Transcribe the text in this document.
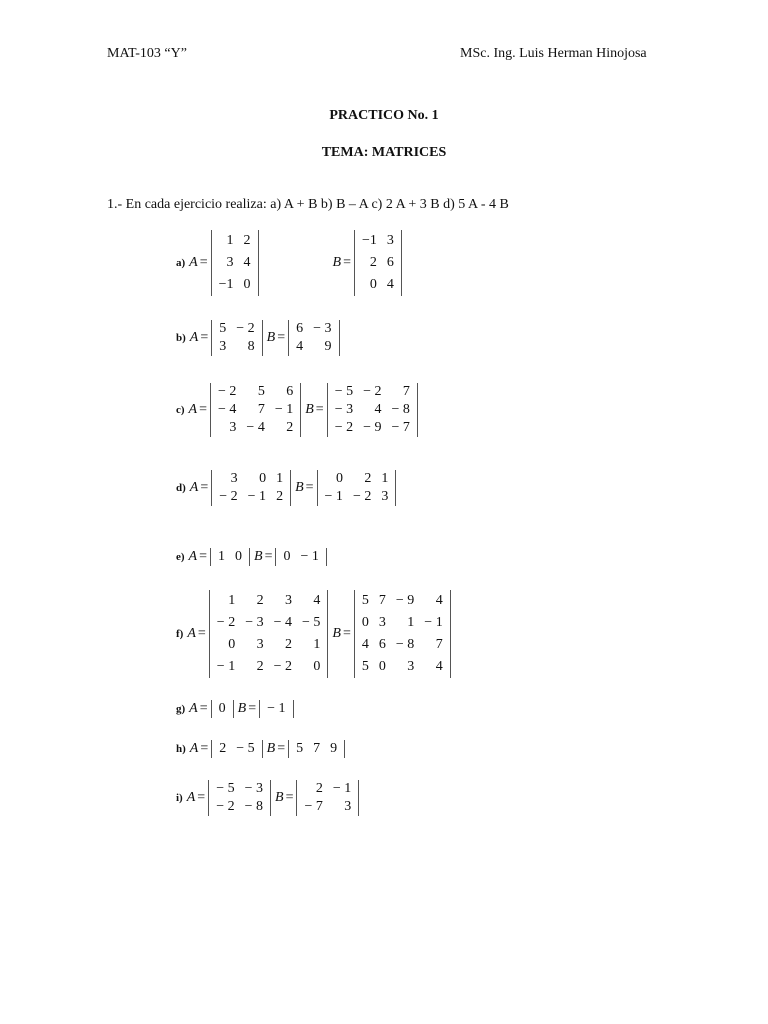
MAT-103 “Y”	MSc. Ing. Luis Herman Hinojosa
PRACTICO No. 1
TEMA: MATRICES
1.- En cada ejercicio realiza: a) A + B b) B – A c) 2 A + 3 B d) 5 A - 4 B
a) A =
1	2
3	4
−1	0
B =
−1	3
2	6
0	4
b) A =
5	− 2
3	8
B =
6	− 3
4	9
c) A =
− 2	5	6
− 4	7	− 1
3	− 4	2
B =
− 5	− 2	7
− 3	4	− 8
− 2	− 9	− 7
d) A =
3	0	1
− 2	− 1	2
B =
0	2	1
− 1	− 2	3
e) A = 1	0 B = 0	− 1
f) A =
1	2	3	4
− 2	− 3	− 4	− 5
0	3	2	1
− 1	2	− 2	0
B =
5	7	− 9	4
0	3	1	− 1
4	6	− 8	7
5	0	3	4
g) A = 0 B = − 1
h) A = 2	− 5 B = 5	7	9
i) A =
− 5	− 3
− 2	− 8
B =
2	− 1
− 7	3
